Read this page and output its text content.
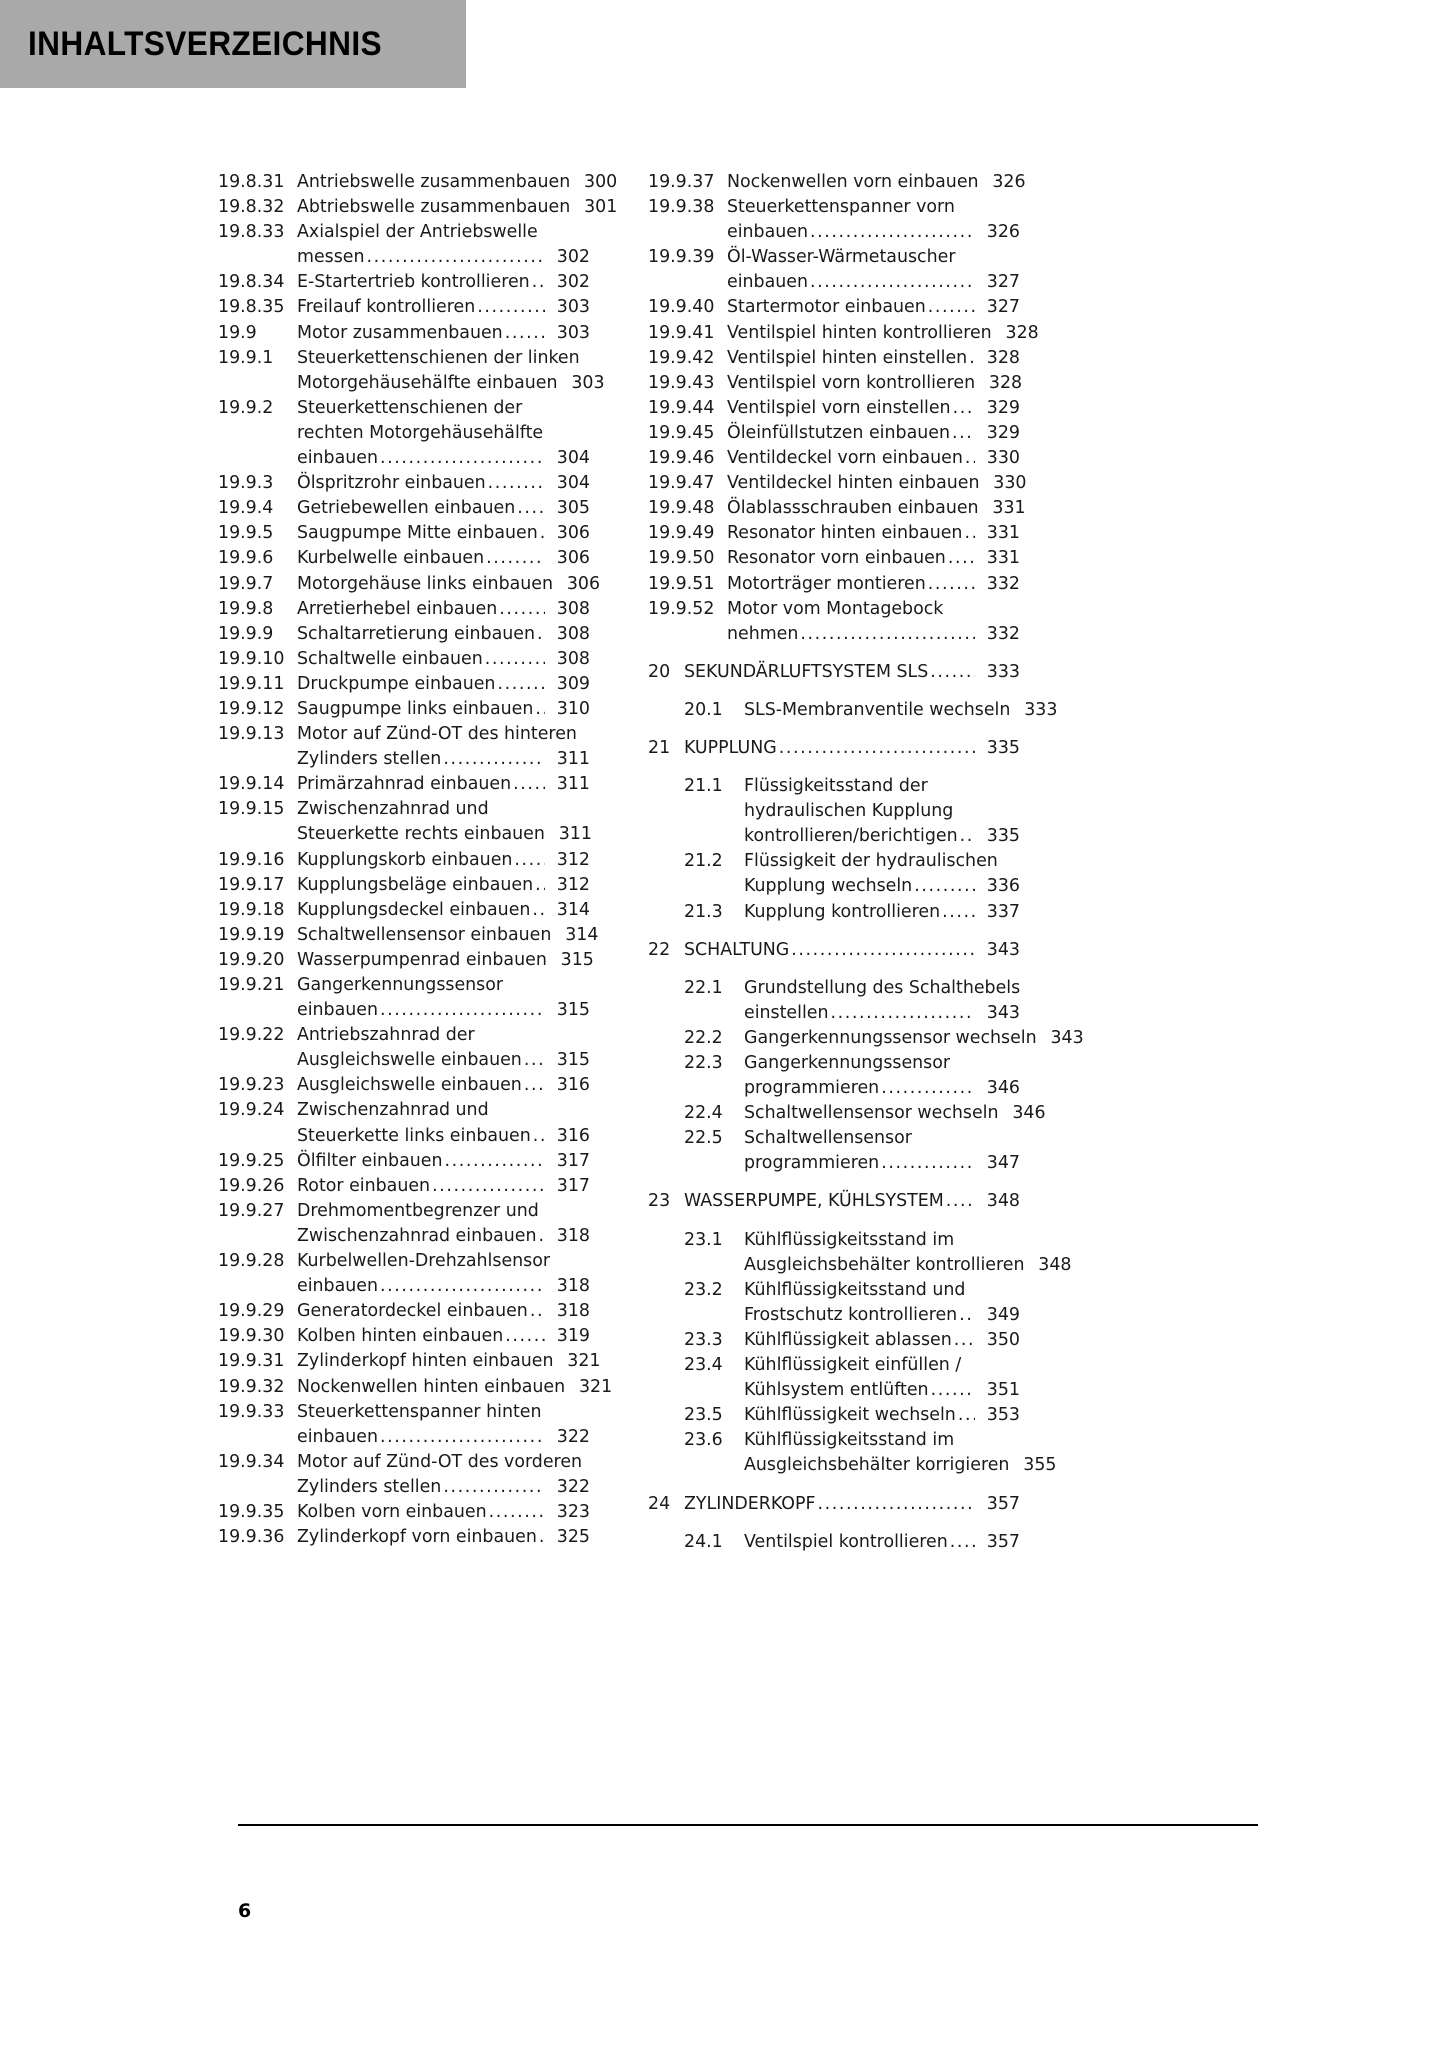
INHALTSVERZEICHNIS
19.8.31 Antriebswelle zusammenbauen 300
19.8.32 Abtriebswelle zusammenbauen 301
19.8.33 Axialspiel der Antriebswelle
messen .....	302
19.8.34 E-Startertrieb kontrollieren .....	302
19.8.35 Freilauf kontrollieren .....	303
19.9	Motor zusammenbauen .....	303
19.9.1	Steuerkettenschienen der linken
Motorgehäusehälfte einbauen 303
19.9.2	Steuerkettenschienen der
rechten Motorgehäusehälfte
einbauen .....	304
19.9.3	Ölspritzrohr einbauen .....	304
19.9.4	Getriebewellen einbauen .....	305
19.9.5	Saugpumpe Mitte einbauen .....	306
19.9.6	Kurbelwelle einbauen .....	306
19.9.7	Motorgehäuse links einbauen 306
19.9.8	Arretierhebel einbauen .....	308
19.9.9	Schaltarretierung einbauen .....	308
19.9.10 Schaltwelle einbauen .....	308
19.9.11 Druckpumpe einbauen .....	309
19.9.12 Saugpumpe links einbauen .....	310
19.9.13 Motor auf Zünd-OT des hinteren
Zylinders stellen .....	311
19.9.14 Primärzahnrad einbauen .....	311
19.9.15 Zwischenzahnrad und
Steuerkette rechts einbauen 311
19.9.16 Kupplungskorb einbauen .....	312
19.9.17 Kupplungsbeläge einbauen .....	312
19.9.18 Kupplungsdeckel einbauen .....	314
19.9.19 Schaltwellensensor einbauen 314
19.9.20 Wasserpumpenrad einbauen 315
19.9.21 Gangerkennungssensor
einbauen .....	315
19.9.22 Antriebszahnrad der
Ausgleichswelle einbauen .....	315
19.9.23 Ausgleichswelle einbauen .....	316
19.9.24 Zwischenzahnrad und
Steuerkette links einbauen .....	316
19.9.25 Ölfilter einbauen .....	317
19.9.26 Rotor einbauen .....	317
19.9.27 Drehmomentbegrenzer und
Zwischenzahnrad einbauen .....	318
19.9.28 Kurbelwellen-Drehzahlsensor
einbauen .....	318
19.9.29 Generatordeckel einbauen .....	318
19.9.30 Kolben hinten einbauen .....	319
19.9.31 Zylinderkopf hinten einbauen 321
19.9.32 Nockenwellen hinten einbauen 321
19.9.33 Steuerkettenspanner hinten
einbauen .....	322
19.9.34 Motor auf Zünd-OT des vorderen
Zylinders stellen .....	322
19.9.35 Kolben vorn einbauen .....	323
19.9.36 Zylinderkopf vorn einbauen .....	325
19.9.37 Nockenwellen vorn einbauen 326
19.9.38 Steuerkettenspanner vorn
einbauen .....	326
19.9.39 Öl-Wasser-Wärmetauscher
einbauen .....	327
19.9.40 Startermotor einbauen .....	327
19.9.41 Ventilspiel hinten kontrollieren 328
19.9.42 Ventilspiel hinten einstellen .....	328
19.9.43 Ventilspiel vorn kontrollieren 328
19.9.44 Ventilspiel vorn einstellen .....	329
19.9.45 Öleinfüllstutzen einbauen .....	329
19.9.46 Ventildeckel vorn einbauen .....	330
19.9.47 Ventildeckel hinten einbauen 330
19.9.48 Ölablassschrauben einbauen 331
19.9.49 Resonator hinten einbauen .....	331
19.9.50 Resonator vorn einbauen .....	331
19.9.51 Motorträger montieren .....	332
19.9.52 Motor vom Montagebock
nehmen .....	332
20 SEKUNDÄRLUFTSYSTEM SLS .....	333
20.1	SLS-Membranventile wechseln 333
21 KUPPLUNG .....	335
21.1	Flüssigkeitsstand der
hydraulischen Kupplung
kontrollieren/berichtigen .....	335
21.2	Flüssigkeit der hydraulischen
Kupplung wechseln .....	336
21.3	Kupplung kontrollieren .....	337
22 SCHALTUNG .....	343
22.1	Grundstellung des Schalthebels
einstellen .....	343
22.2	Gangerkennungssensor wechseln 343
22.3	Gangerkennungssensor
programmieren .....	346
22.4	Schaltwellensensor wechseln 346
22.5	Schaltwellensensor
programmieren .....	347
23 WASSERPUMPE, KÜHLSYSTEM .....	348
23.1	Kühlflüssigkeitsstand im
Ausgleichsbehälter kontrollieren 348
23.2	Kühlflüssigkeitsstand und
Frostschutz kontrollieren .....	349
23.3	Kühlflüssigkeit ablassen .....	350
23.4	Kühlflüssigkeit einfüllen /
Kühlsystem entlüften .....	351
23.5	Kühlflüssigkeit wechseln .....	353
23.6	Kühlflüssigkeitsstand im
Ausgleichsbehälter korrigieren 355
24 ZYLINDERKOPF .....	357
24.1	Ventilspiel kontrollieren .....	357
6
